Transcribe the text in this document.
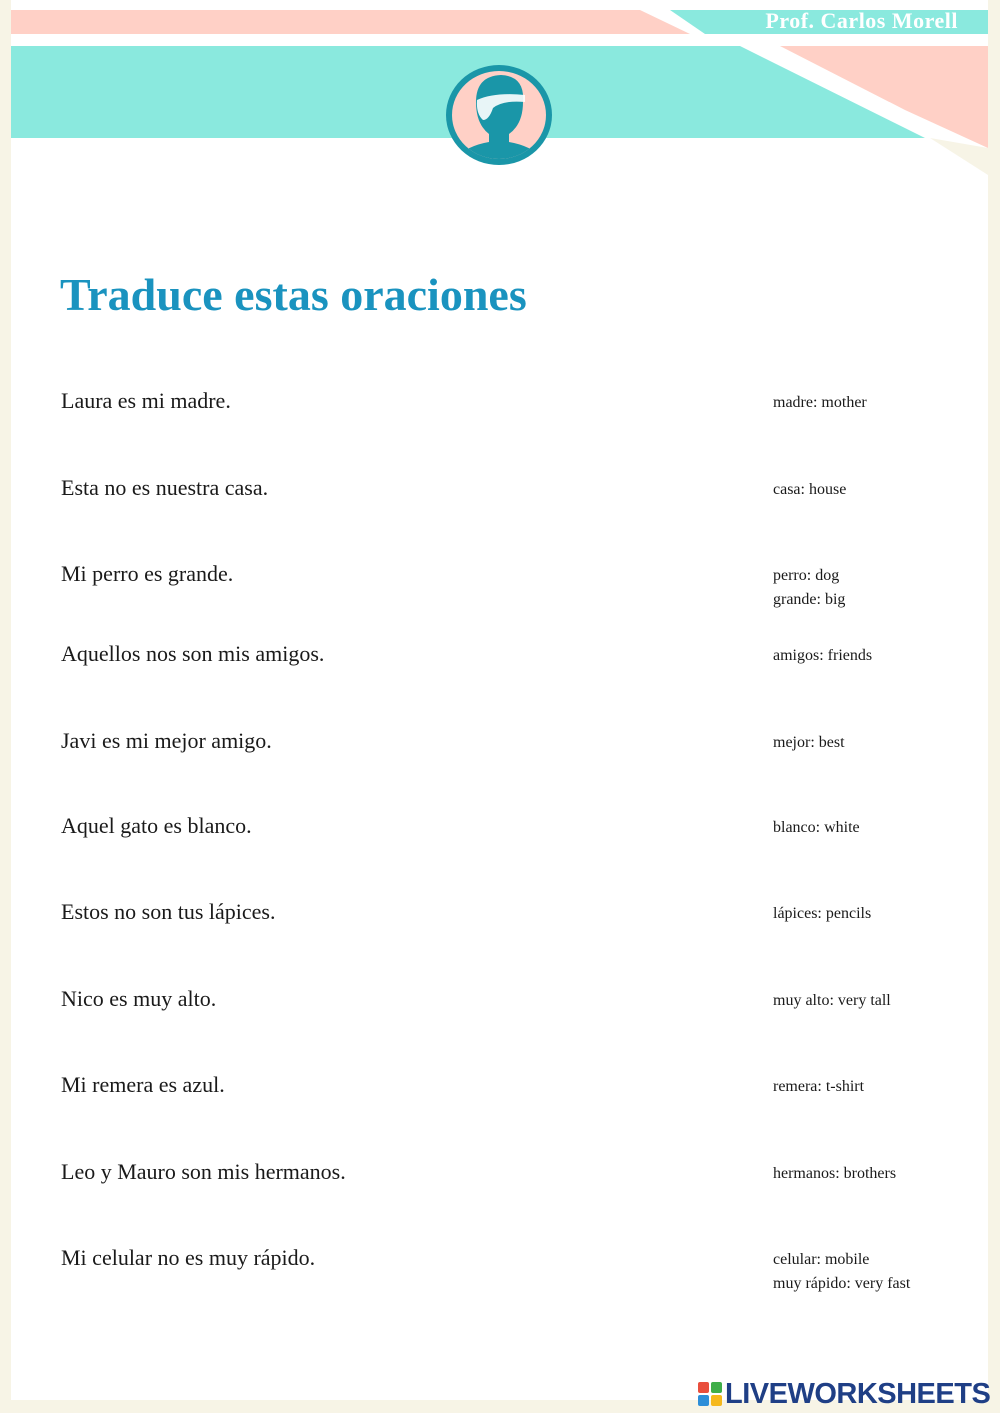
Prof. Carlos Morell
Traduce estas oraciones
Laura es mi madre.	madre: mother
Esta no es nuestra casa.	casa: house
Mi perro es grande.	perro: dog
grande: big
Aquellos nos son mis amigos.	amigos: friends
Javi es mi mejor amigo.	mejor: best
Aquel gato es blanco.	blanco: white
Estos no son tus lápices.	lápices: pencils
Nico es muy alto.	muy alto: very tall
Mi remera es azul.	remera: t-shirt
Leo y Mauro son mis hermanos.	hermanos: brothers
Mi celular no es muy rápido.	celular: mobile
muy rápido: very fast
LIVEWORKSHEETS
